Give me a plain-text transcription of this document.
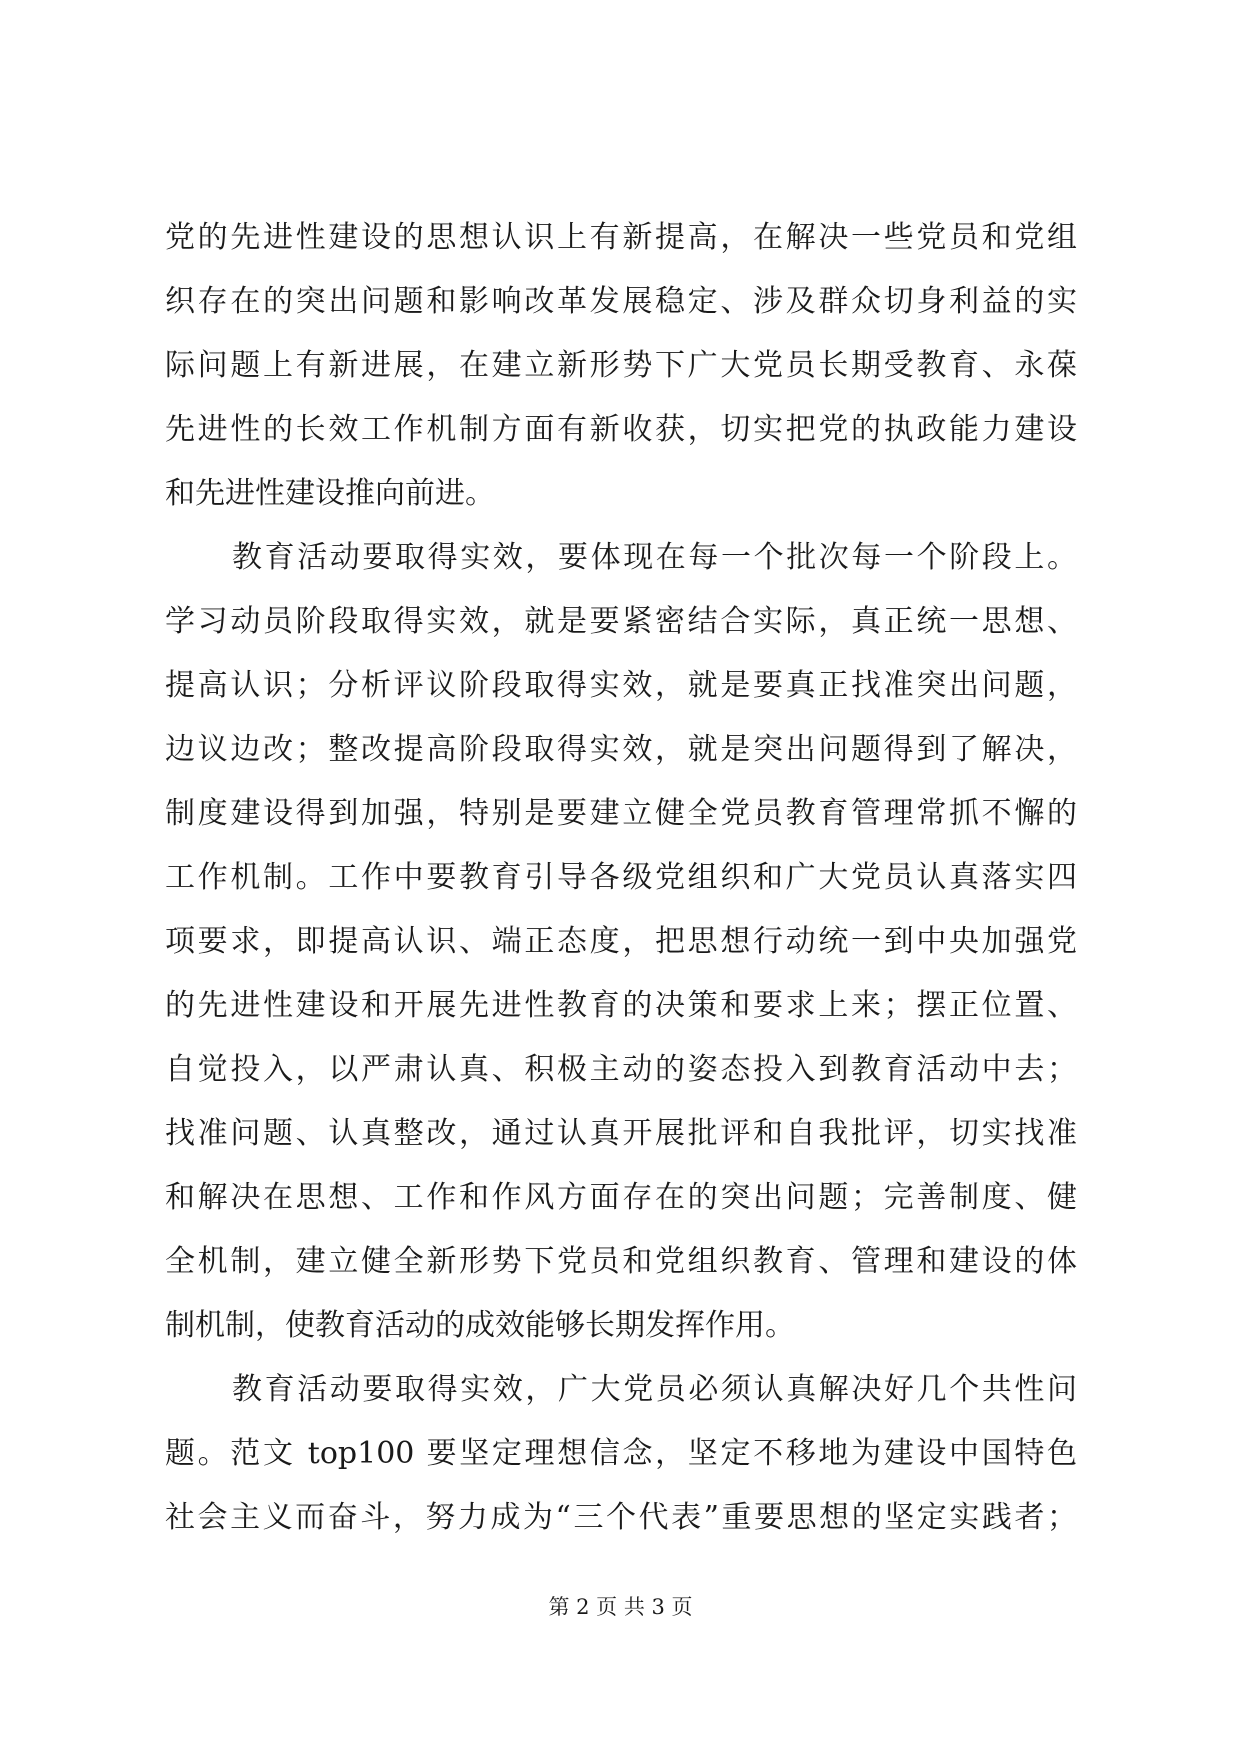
党的先进性建设的思想认识上有新提高，在解决一些党员和党组
织存在的突出问题和影响改革发展稳定、涉及群众切身利益的实
际问题上有新进展，在建立新形势下广大党员长期受教育、永葆
先进性的长效工作机制方面有新收获，切实把党的执政能力建设
和先进性建设推向前进。
教育活动要取得实效，要体现在每一个批次每一个阶段上。
学习动员阶段取得实效，就是要紧密结合实际，真正统一思想、
提高认识；分析评议阶段取得实效，就是要真正找准突出问题，
边议边改；整改提高阶段取得实效，就是突出问题得到了解决，
制度建设得到加强，特别是要建立健全党员教育管理常抓不懈的
工作机制。工作中要教育引导各级党组织和广大党员认真落实四
项要求，即提高认识、端正态度，把思想行动统一到中央加强党
的先进性建设和开展先进性教育的决策和要求上来；摆正位置、
自觉投入，以严肃认真、积极主动的姿态投入到教育活动中去；
找准问题、认真整改，通过认真开展批评和自我批评，切实找准
和解决在思想、工作和作风方面存在的突出问题；完善制度、健
全机制，建立健全新形势下党员和党组织教育、管理和建设的体
制机制，使教育活动的成效能够长期发挥作用。
教育活动要取得实效，广大党员必须认真解决好几个共性问
题。范文 top100 要坚定理想信念，坚定不移地为建设中国特色
社会主义而奋斗，努力成为“三个代表”重要思想的坚定实践者；
第 2 页 共 3 页
